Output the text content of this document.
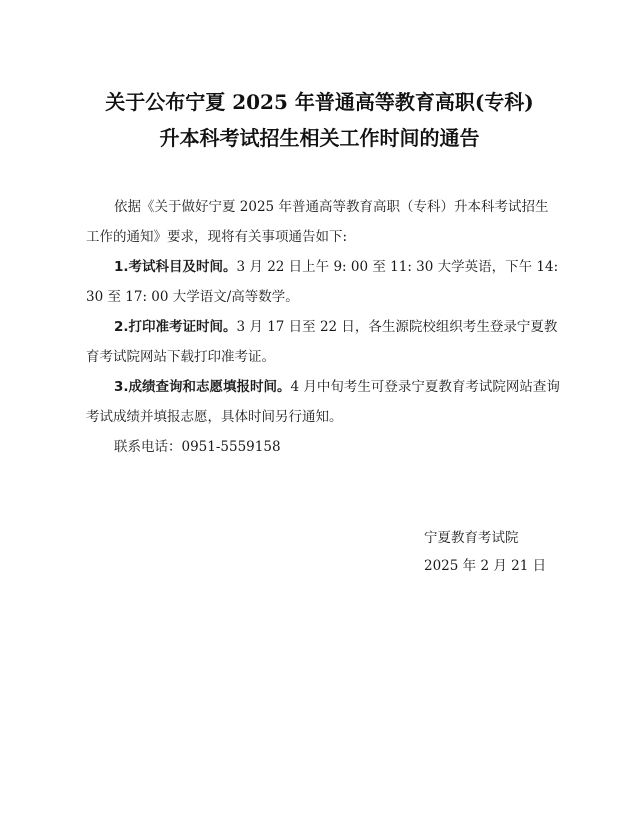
关于公布宁夏 2025 年普通高等教育高职(专科)
升本科考试招生相关工作时间的通告

依据《关于做好宁夏 2025 年普通高等教育高职（专科）升本科考试招生工作的通知》要求，现将有关事项通告如下:

1.考试科目及时间。3 月 22 日上午 9: 00 至 11: 30 大学英语，下午 14: 30 至 17: 00 大学语文/高等数学。

2.打印准考证时间。3 月 17 日至 22 日，各生源院校组织考生登录宁夏教育考试院网站下载打印准考证。

3.成绩查询和志愿填报时间。4 月中旬考生可登录宁夏教育考试院网站查询考试成绩并填报志愿，具体时间另行通知。

联系电话：0951-5559158

宁夏教育考试院
2025 年 2 月 21 日
